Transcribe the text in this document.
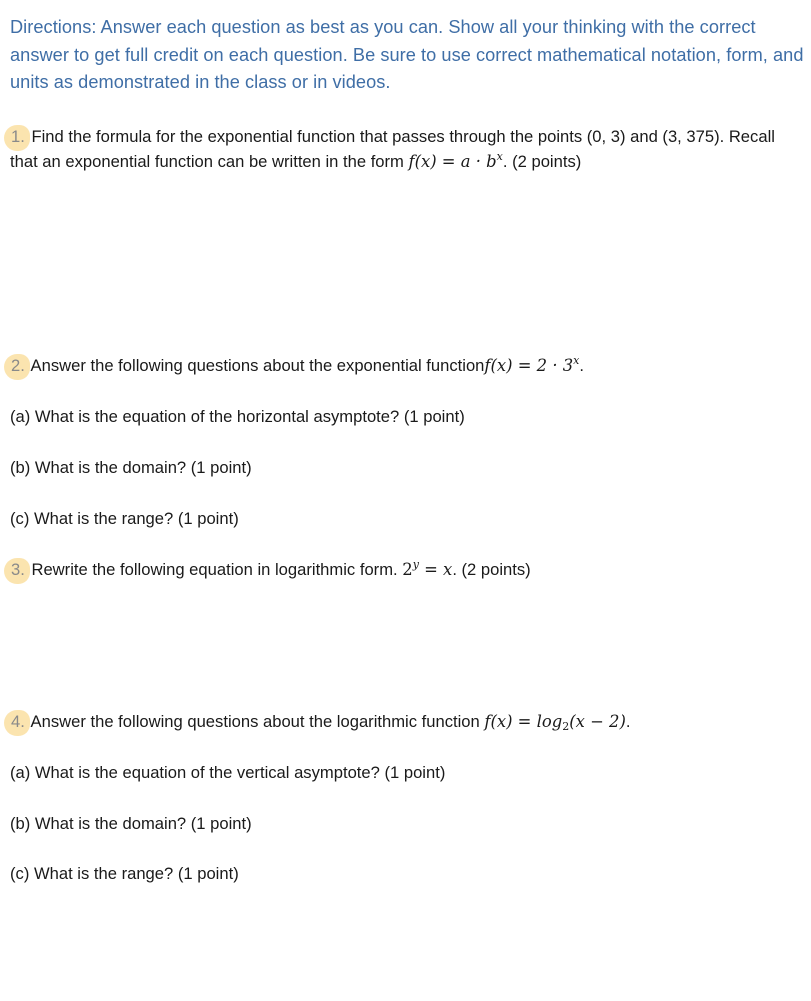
Directions: Answer each question as best as you can. Show all your thinking with the correct answer to get full credit on each question. Be sure to use correct mathematical notation, form, and units as demonstrated in the class or in videos.
1. Find the formula for the exponential function that passes through the points (0, 3) and (3, 375). Recall that an exponential function can be written in the form $f(x) = a \cdot b^x$. (2 points)
2. Answer the following questions about the exponential functionf(x) = $2 \cdot 3^x$.
(a) What is the equation of the horizontal asymptote? (1 point)
(b) What is the domain? (1 point)
(c) What is the range? (1 point)
3. Rewrite the following equation in logarithmic form. $2^y = x$. (2 points)
4. Answer the following questions about the logarithmic function $f(x) = \log_2(x - 2)$.
(a) What is the equation of the vertical asymptote? (1 point)
(b) What is the domain? (1 point)
(c) What is the range? (1 point)
